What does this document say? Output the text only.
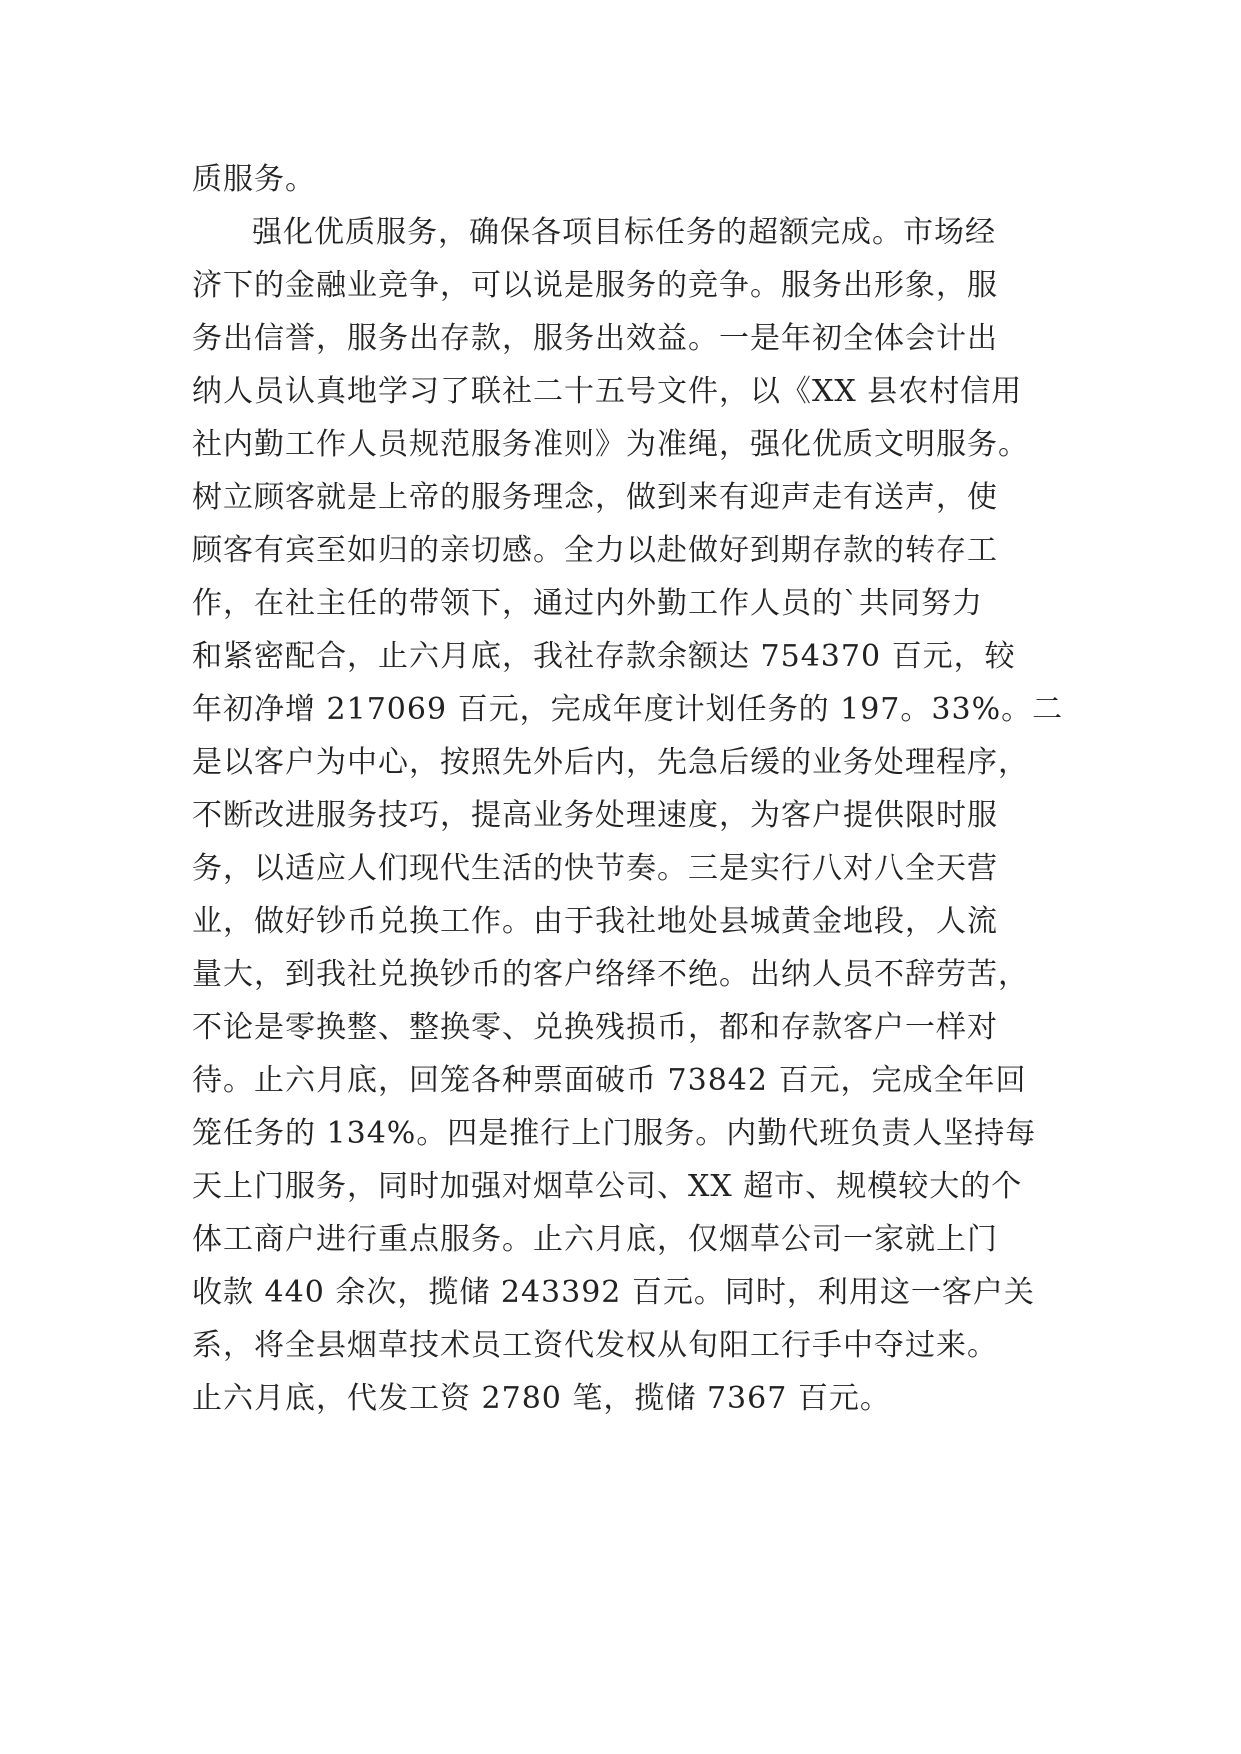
质服务。
强化优质服务，确保各项目标任务的超额完成。市场经
济下的金融业竞争，可以说是服务的竞争。服务出形象，服
务出信誉，服务出存款，服务出效益。一是年初全体会计出
纳人员认真地学习了联社二十五号文件，以《XX 县农村信用
社内勤工作人员规范服务准则》为准绳，强化优质文明服务。
树立顾客就是上帝的服务理念，做到来有迎声走有送声，使
顾客有宾至如归的亲切感。全力以赴做好到期存款的转存工
作，在社主任的带领下，通过内外勤工作人员的`共同努力
和紧密配合，止六月底，我社存款余额达 754370 百元，较
年初净增 217069 百元，完成年度计划任务的 197。33%。二
是以客户为中心，按照先外后内，先急后缓的业务处理程序，
不断改进服务技巧，提高业务处理速度，为客户提供限时服
务，以适应人们现代生活的快节奏。三是实行八对八全天营
业，做好钞币兑换工作。由于我社地处县城黄金地段，人流
量大，到我社兑换钞币的客户络绎不绝。出纳人员不辞劳苦，
不论是零换整、整换零、兑换残损币，都和存款客户一样对
待。止六月底，回笼各种票面破币 73842 百元，完成全年回
笼任务的 134%。四是推行上门服务。内勤代班负责人坚持每
天上门服务，同时加强对烟草公司、XX 超市、规模较大的个
体工商户进行重点服务。止六月底，仅烟草公司一家就上门
收款 440 余次，揽储 243392 百元。同时，利用这一客户关
系，将全县烟草技术员工资代发权从旬阳工行手中夺过来。
止六月底，代发工资 2780 笔，揽储 7367 百元。
